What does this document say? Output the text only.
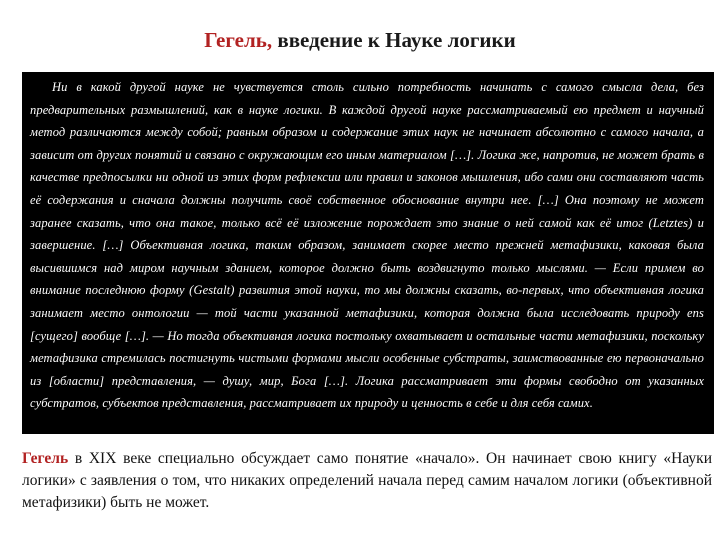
Гегель, введение к Науке логики

Ни в какой другой науке не чувствуется столь сильно потребность начинать с самого смысла дела, без предварительных размышлений, как в науке логики. В каждой другой науке рассматриваемый ею предмет и научный метод различаются между собой; равным образом и содержание этих наук не начинает абсолютно с самого начала, а зависит от других понятий и связано с окружающим его иным материалом […]. Логика же, напротив, не может брать в качестве предпосылки ни одной из этих форм рефлексии или правил и законов мышления, ибо сами они составляют часть её содержания и сначала должны получить своё собственное обоснование внутри нее. […] Она поэтому не может заранее сказать, что она такое, только всё её изложение порождает это знание о ней самой как её итог (Letztes) и завершение. […] Объективная логика, таким образом, занимает скорее место прежней метафизики, каковая была высившимся над миром научным зданием, которое должно быть воздвигнуто только мыслями. — Если примем во внимание последнюю форму (Gestalt) развития этой науки, то мы должны сказать, во-первых, что объективная логика занимает место онтологии — той части указанной метафизики, которая должна была исследовать природу ens [сущего] вообще […]. — Но тогда объективная логика постольку охватывает и остальные части метафизики, поскольку метафизика стремилась постигнуть чистыми формами мысли особенные субстраты, заимствованные ею первоначально из [области] представления, — душу, мир, Бога […]. Логика рассматривает эти формы свободно от указанных субстратов, субъектов представления, рассматривает их природу и ценность в себе и для себя самих.

Гегель в XIX веке специально обсуждает само понятие «начало». Он начинает свою книгу «Науки логики» с заявления о том, что никаких определений начала перед самим началом логики (объективной метафизики) быть не может.
